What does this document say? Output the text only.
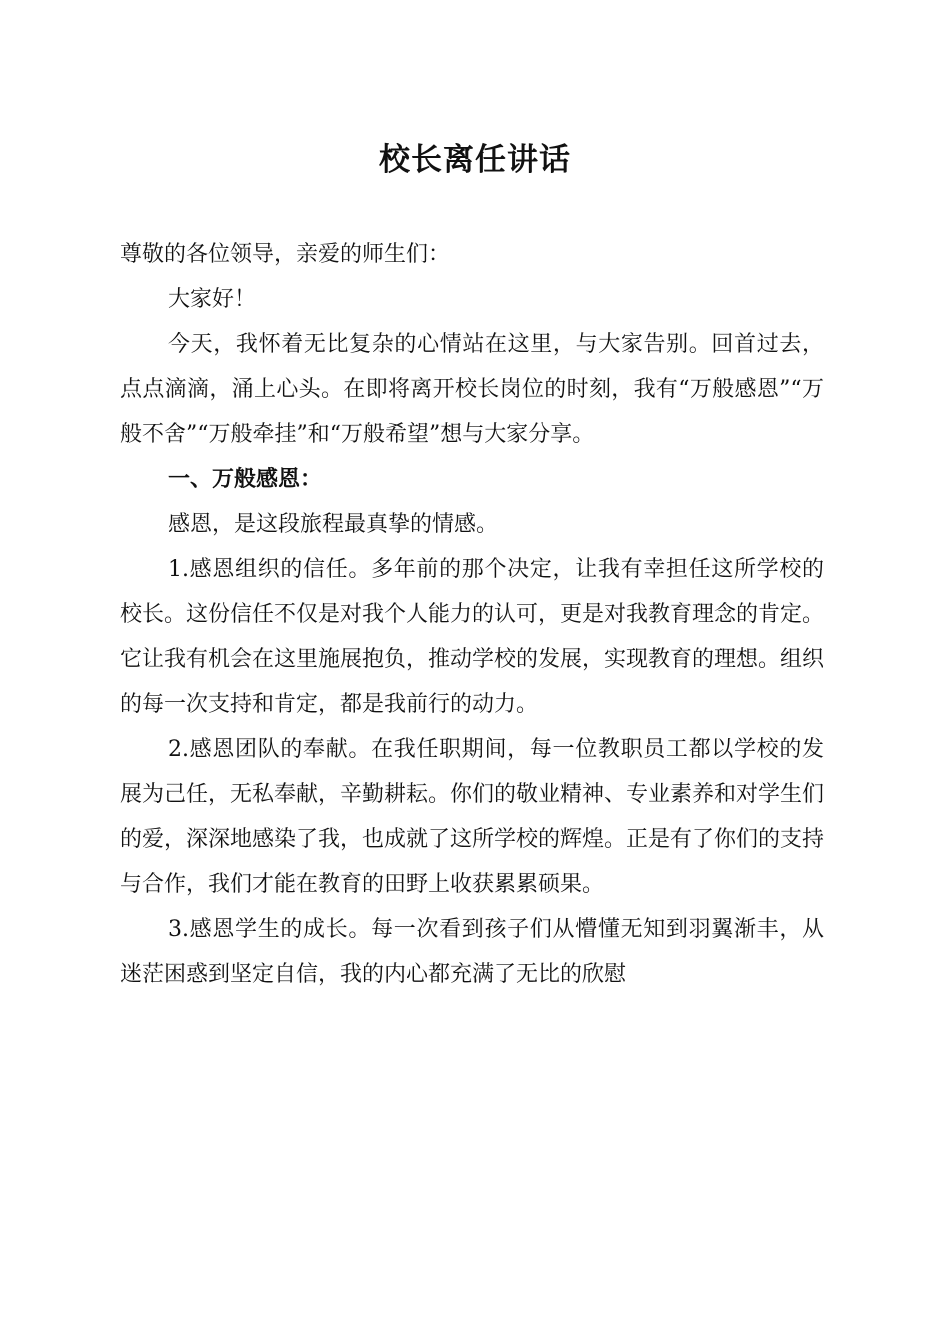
校长离任讲话

尊敬的各位领导，亲爱的师生们：

大家好！

今天，我怀着无比复杂的心情站在这里，与大家告别。回首过去，点点滴滴，涌上心头。在即将离开校长岗位的时刻，我有“万般感恩”“万般不舍”“万般牵挂”和“万般希望”想与大家分享。

一、万般感恩：

感恩，是这段旅程最真挚的情感。

1.感恩组织的信任。多年前的那个决定，让我有幸担任这所学校的校长。这份信任不仅是对我个人能力的认可，更是对我教育理念的肯定。它让我有机会在这里施展抱负，推动学校的发展，实现教育的理想。组织的每一次支持和肯定，都是我前行的动力。

2.感恩团队的奉献。在我任职期间，每一位教职员工都以学校的发展为己任，无私奉献，辛勤耕耘。你们的敬业精神、专业素养和对学生们的爱，深深地感染了我，也成就了这所学校的辉煌。正是有了你们的支持与合作，我们才能在教育的田野上收获累累硕果。

3.感恩学生的成长。每一次看到孩子们从懵懂无知到羽翼渐丰，从迷茫困惑到坚定自信，我的内心都充满了无比的欣慰
